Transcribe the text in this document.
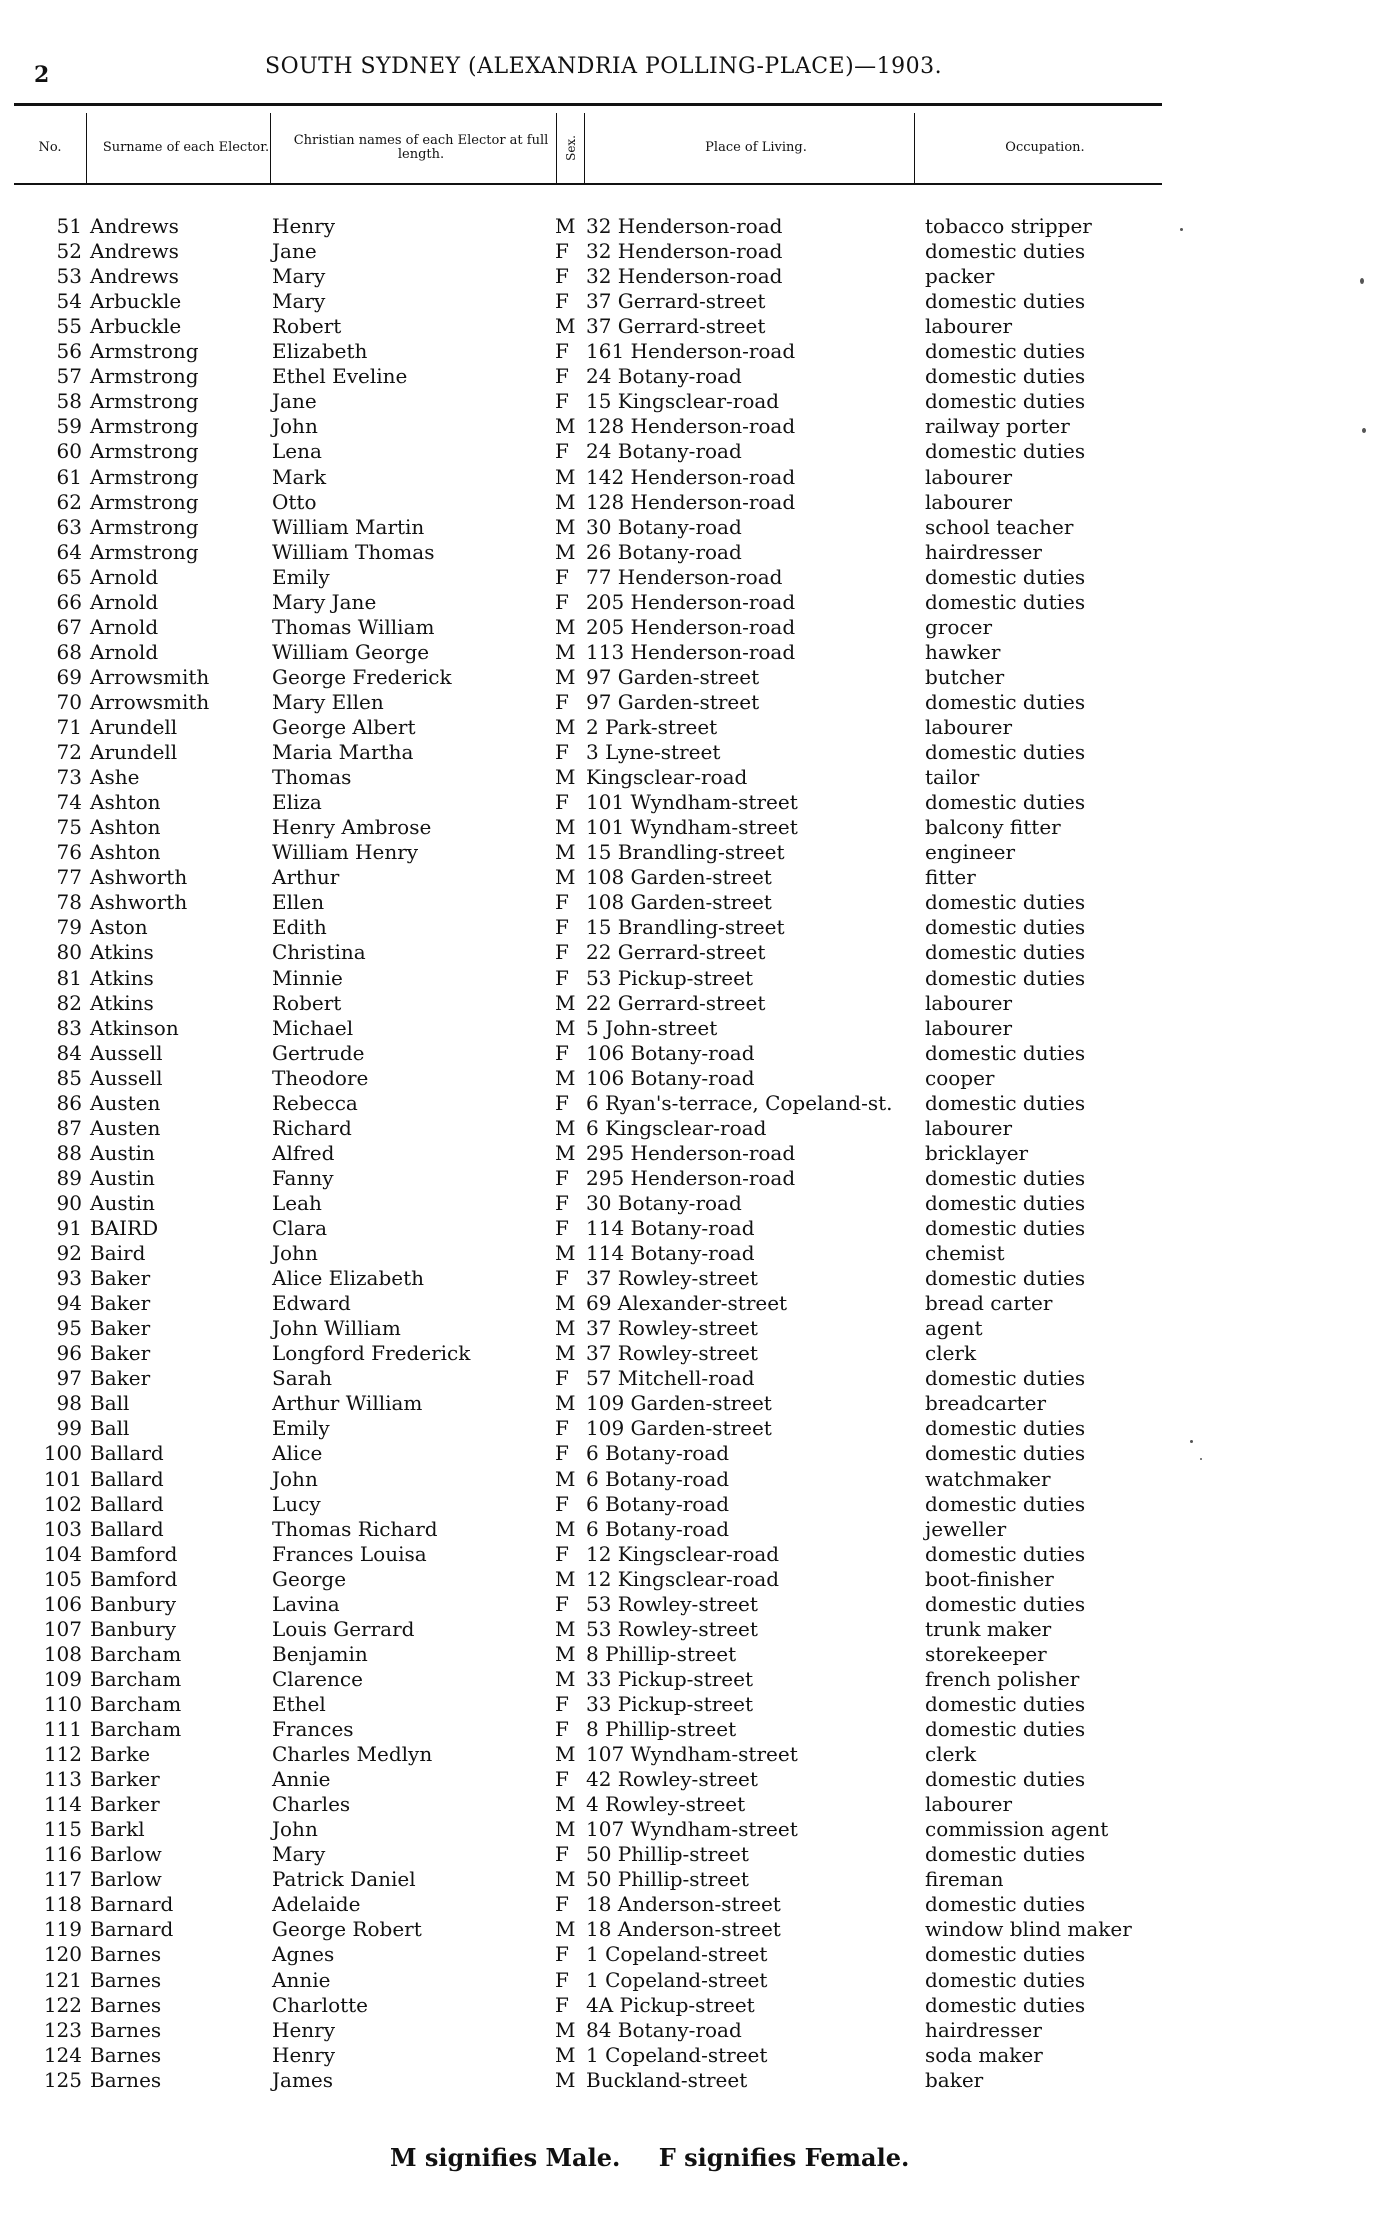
2	SOUTH SYDNEY (ALEXANDRIA POLLING-PLACE)—1903.
No.	Surname of each Elector.	Christian names of each Elector at full length.	Sex.	Place of Living.	Occupation.
51 Andrews	Henry	M 32 Henderson-road	tobacco stripper
52 Andrews	Jane	F 32 Henderson-road	domestic duties
53 Andrews	Mary	F 32 Henderson-road	packer
54 Arbuckle	Mary	F 37 Gerrard-street	domestic duties
55 Arbuckle	Robert	M 37 Gerrard-street	labourer
56 Armstrong	Elizabeth	F 161 Henderson-road	domestic duties
57 Armstrong	Ethel Eveline	F 24 Botany-road	domestic duties
58 Armstrong	Jane	F 15 Kingsclear-road	domestic duties
59 Armstrong	John	M 128 Henderson-road	railway porter
60 Armstrong	Lena	F 24 Botany-road	domestic duties
61 Armstrong	Mark	M 142 Henderson-road	labourer
62 Armstrong	Otto	M 128 Henderson-road	labourer
63 Armstrong	William Martin	M 30 Botany-road	school teacher
64 Armstrong	William Thomas	M 26 Botany-road	hairdresser
65 Arnold	Emily	F 77 Henderson-road	domestic duties
66 Arnold	Mary Jane	F 205 Henderson-road	domestic duties
67 Arnold	Thomas William	M 205 Henderson-road	grocer
68 Arnold	William George	M 113 Henderson-road	hawker
69 Arrowsmith	George Frederick	M 97 Garden-street	butcher
70 Arrowsmith	Mary Ellen	F 97 Garden-street	domestic duties
71 Arundell	George Albert	M 2 Park-street	labourer
72 Arundell	Maria Martha	F 3 Lyne-street	domestic duties
73 Ashe	Thomas	M Kingsclear-road	tailor
74 Ashton	Eliza	F 101 Wyndham-street	domestic duties
75 Ashton	Henry Ambrose	M 101 Wyndham-street	balcony fitter
76 Ashton	William Henry	M 15 Brandling-street	engineer
77 Ashworth	Arthur	M 108 Garden-street	fitter
78 Ashworth	Ellen	F 108 Garden-street	domestic duties
79 Aston	Edith	F 15 Brandling-street	domestic duties
80 Atkins	Christina	F 22 Gerrard-street	domestic duties
81 Atkins	Minnie	F 53 Pickup-street	domestic duties
82 Atkins	Robert	M 22 Gerrard-street	labourer
83 Atkinson	Michael	M 5 John-street	labourer
84 Aussell	Gertrude	F 106 Botany-road	domestic duties
85 Aussell	Theodore	M 106 Botany-road	cooper
86 Austen	Rebecca	F 6 Ryan's-terrace, Copeland-st. domestic duties
87 Austen	Richard	M 6 Kingsclear-road	labourer
88 Austin	Alfred	M 295 Henderson-road	bricklayer
89 Austin	Fanny	F 295 Henderson-road	domestic duties
90 Austin	Leah	F 30 Botany-road	domestic duties
91 BAIRD	Clara	F 114 Botany-road	domestic duties
92 Baird	John	M 114 Botany-road	chemist
93 Baker	Alice Elizabeth	F 37 Rowley-street	domestic duties
94 Baker	Edward	M 69 Alexander-street	bread carter
95 Baker	John William	M 37 Rowley-street	agent
96 Baker	Longford Frederick	M 37 Rowley-street	clerk
97 Baker	Sarah	F 57 Mitchell-road	domestic duties
98 Ball	Arthur William	M 109 Garden-street	breadcarter
99 Ball	Emily	F 109 Garden-street	domestic duties
100 Ballard	Alice	F 6 Botany-road	domestic duties
101 Ballard	John	M 6 Botany-road	watchmaker
102 Ballard	Lucy	F 6 Botany-road	domestic duties
103 Ballard	Thomas Richard	M 6 Botany-road	jeweller
104 Bamford	Frances Louisa	F 12 Kingsclear-road	domestic duties
105 Bamford	George	M 12 Kingsclear-road	boot-finisher
106 Banbury	Lavina	F 53 Rowley-street	domestic duties
107 Banbury	Louis Gerrard	M 53 Rowley-street	trunk maker
108 Barcham	Benjamin	M 8 Phillip-street	storekeeper
109 Barcham	Clarence	M 33 Pickup-street	french polisher
110 Barcham	Ethel	F 33 Pickup-street	domestic duties
111 Barcham	Frances	F 8 Phillip-street	domestic duties
112 Barke	Charles Medlyn	M 107 Wyndham-street	clerk
113 Barker	Annie	F 42 Rowley-street	domestic duties
114 Barker	Charles	M 4 Rowley-street	labourer
115 Barkl	John	M 107 Wyndham-street	commission agent
116 Barlow	Mary	F 50 Phillip-street	domestic duties
117 Barlow	Patrick Daniel	M 50 Phillip-street	fireman
118 Barnard	Adelaide	F 18 Anderson-street	domestic duties
119 Barnard	George Robert	M 18 Anderson-street	window blind maker
120 Barnes	Agnes	F 1 Copeland-street	domestic duties
121 Barnes	Annie	F 1 Copeland-street	domestic duties
122 Barnes	Charlotte	F 4A Pickup-street	domestic duties
123 Barnes	Henry	M 84 Botany-road	hairdresser
124 Barnes	Henry	M 1 Copeland-street	soda maker
125 Barnes	James	M Buckland-street	baker
M signifies Male. F signifies Female.
